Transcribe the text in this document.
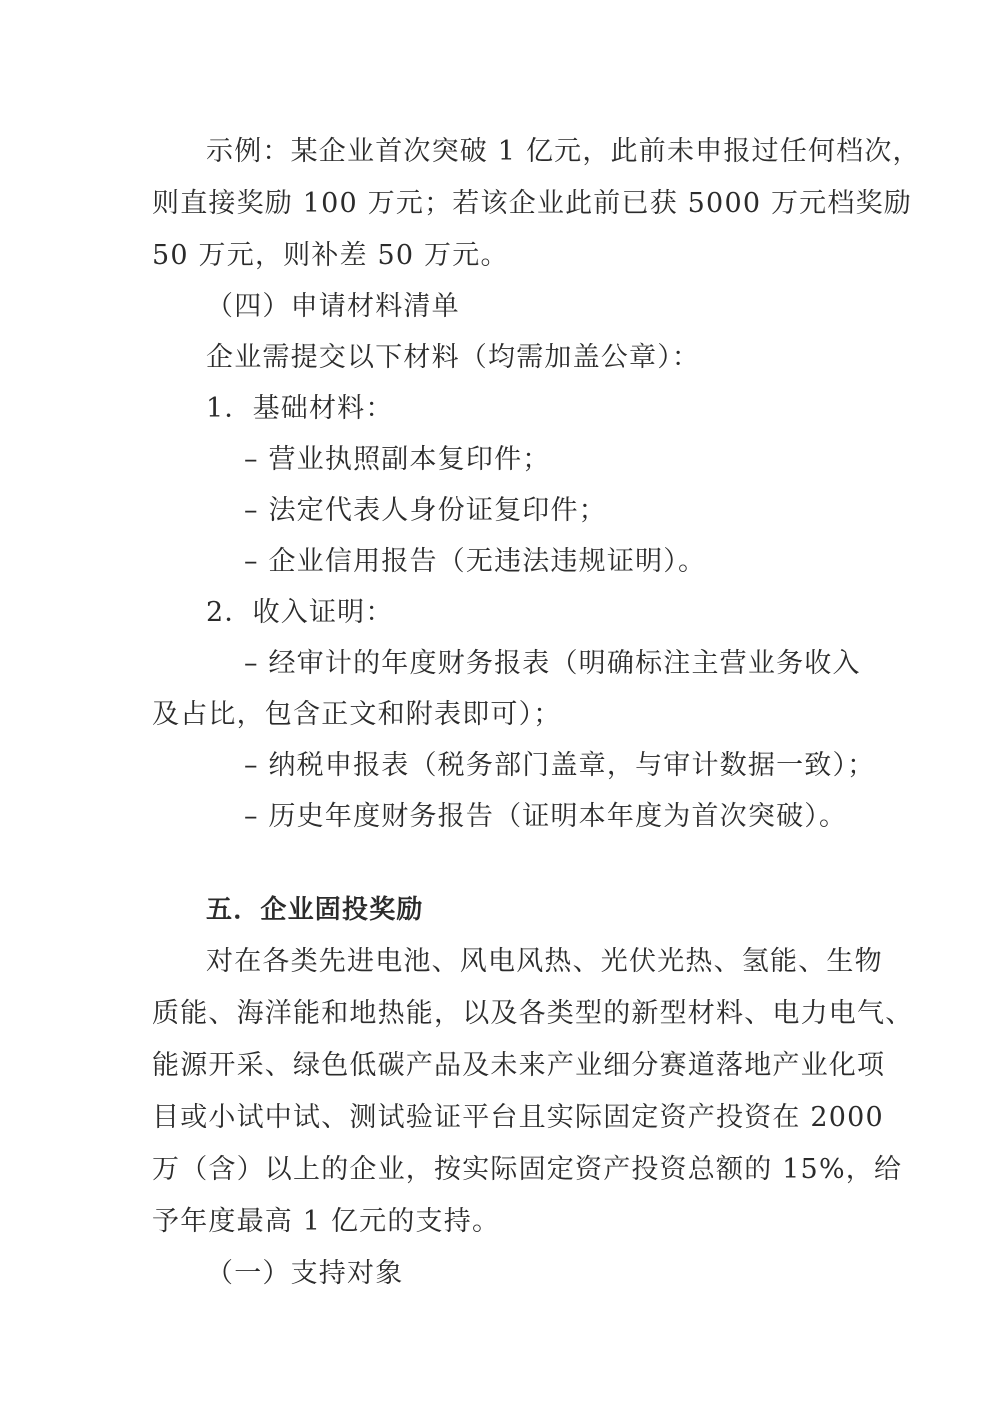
示例：某企业首次突破 1 亿元，此前未申报过任何档次，
则直接奖励 100 万元；若该企业此前已获 5000 万元档奖励
50 万元，则补差 50 万元。
（四）申请材料清单
企业需提交以下材料（均需加盖公章）：
1．基础材料：
– 营业执照副本复印件；
– 法定代表人身份证复印件；
– 企业信用报告（无违法违规证明）。
2．收入证明：
– 经审计的年度财务报表（明确标注主营业务收入
及占比，包含正文和附表即可）；
– 纳税申报表（税务部门盖章，与审计数据一致）；
– 历史年度财务报告（证明本年度为首次突破）。
五．企业固投奖励
对在各类先进电池、风电风热、光伏光热、氢能、生物
质能、海洋能和地热能，以及各类型的新型材料、电力电气、
能源开采、绿色低碳产品及未来产业细分赛道落地产业化项
目或小试中试、测试验证平台且实际固定资产投资在 2000
万（含）以上的企业，按实际固定资产投资总额的 15%，给
予年度最高 1 亿元的支持。
（一）支持对象
